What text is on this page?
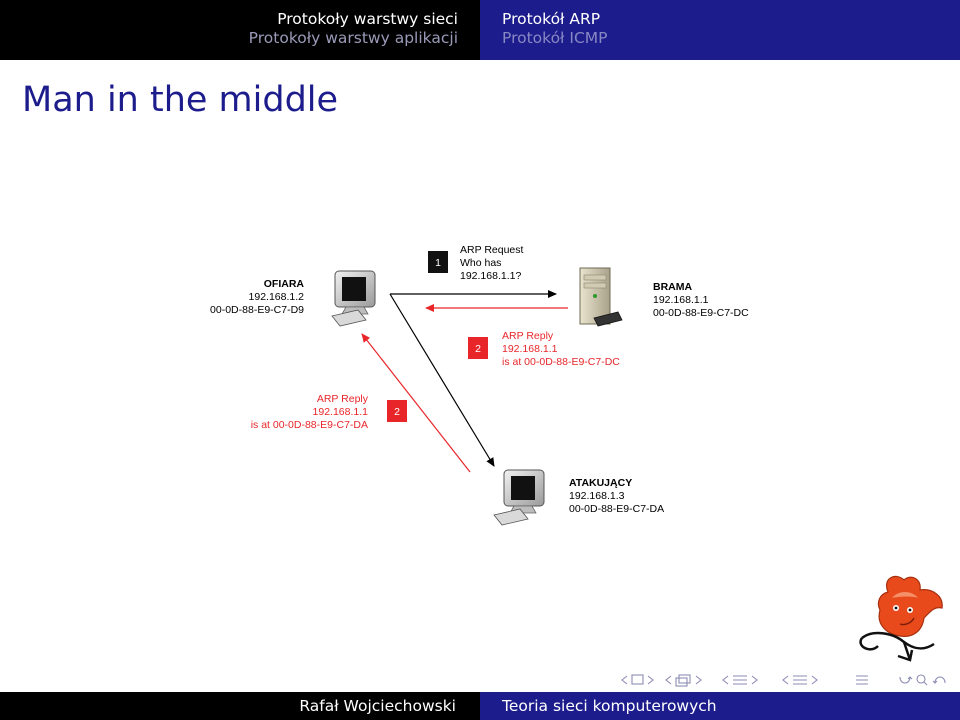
Protokoły warstwy sieci
Protokoły warstwy aplikacji
Protokół ARP
Protokół ICMP
Man in the middle
OFIARA
192.168.1.2
00-0D-88-E9-C7-D9
BRAMA
192.168.1.1
00-0D-88-E9-C7-DC
ATAKUJĄCY
192.168.1.3
00-0D-88-E9-C7-DA
1
ARP Request
Who has
192.168.1.1?
2
ARP Reply
192.168.1.1
is at 00-0D-88-E9-C7-DC
2
ARP Reply
192.168.1.1
is at 00-0D-88-E9-C7-DA
Rafał Wojciechowski	Teoria sieci komputerowych
